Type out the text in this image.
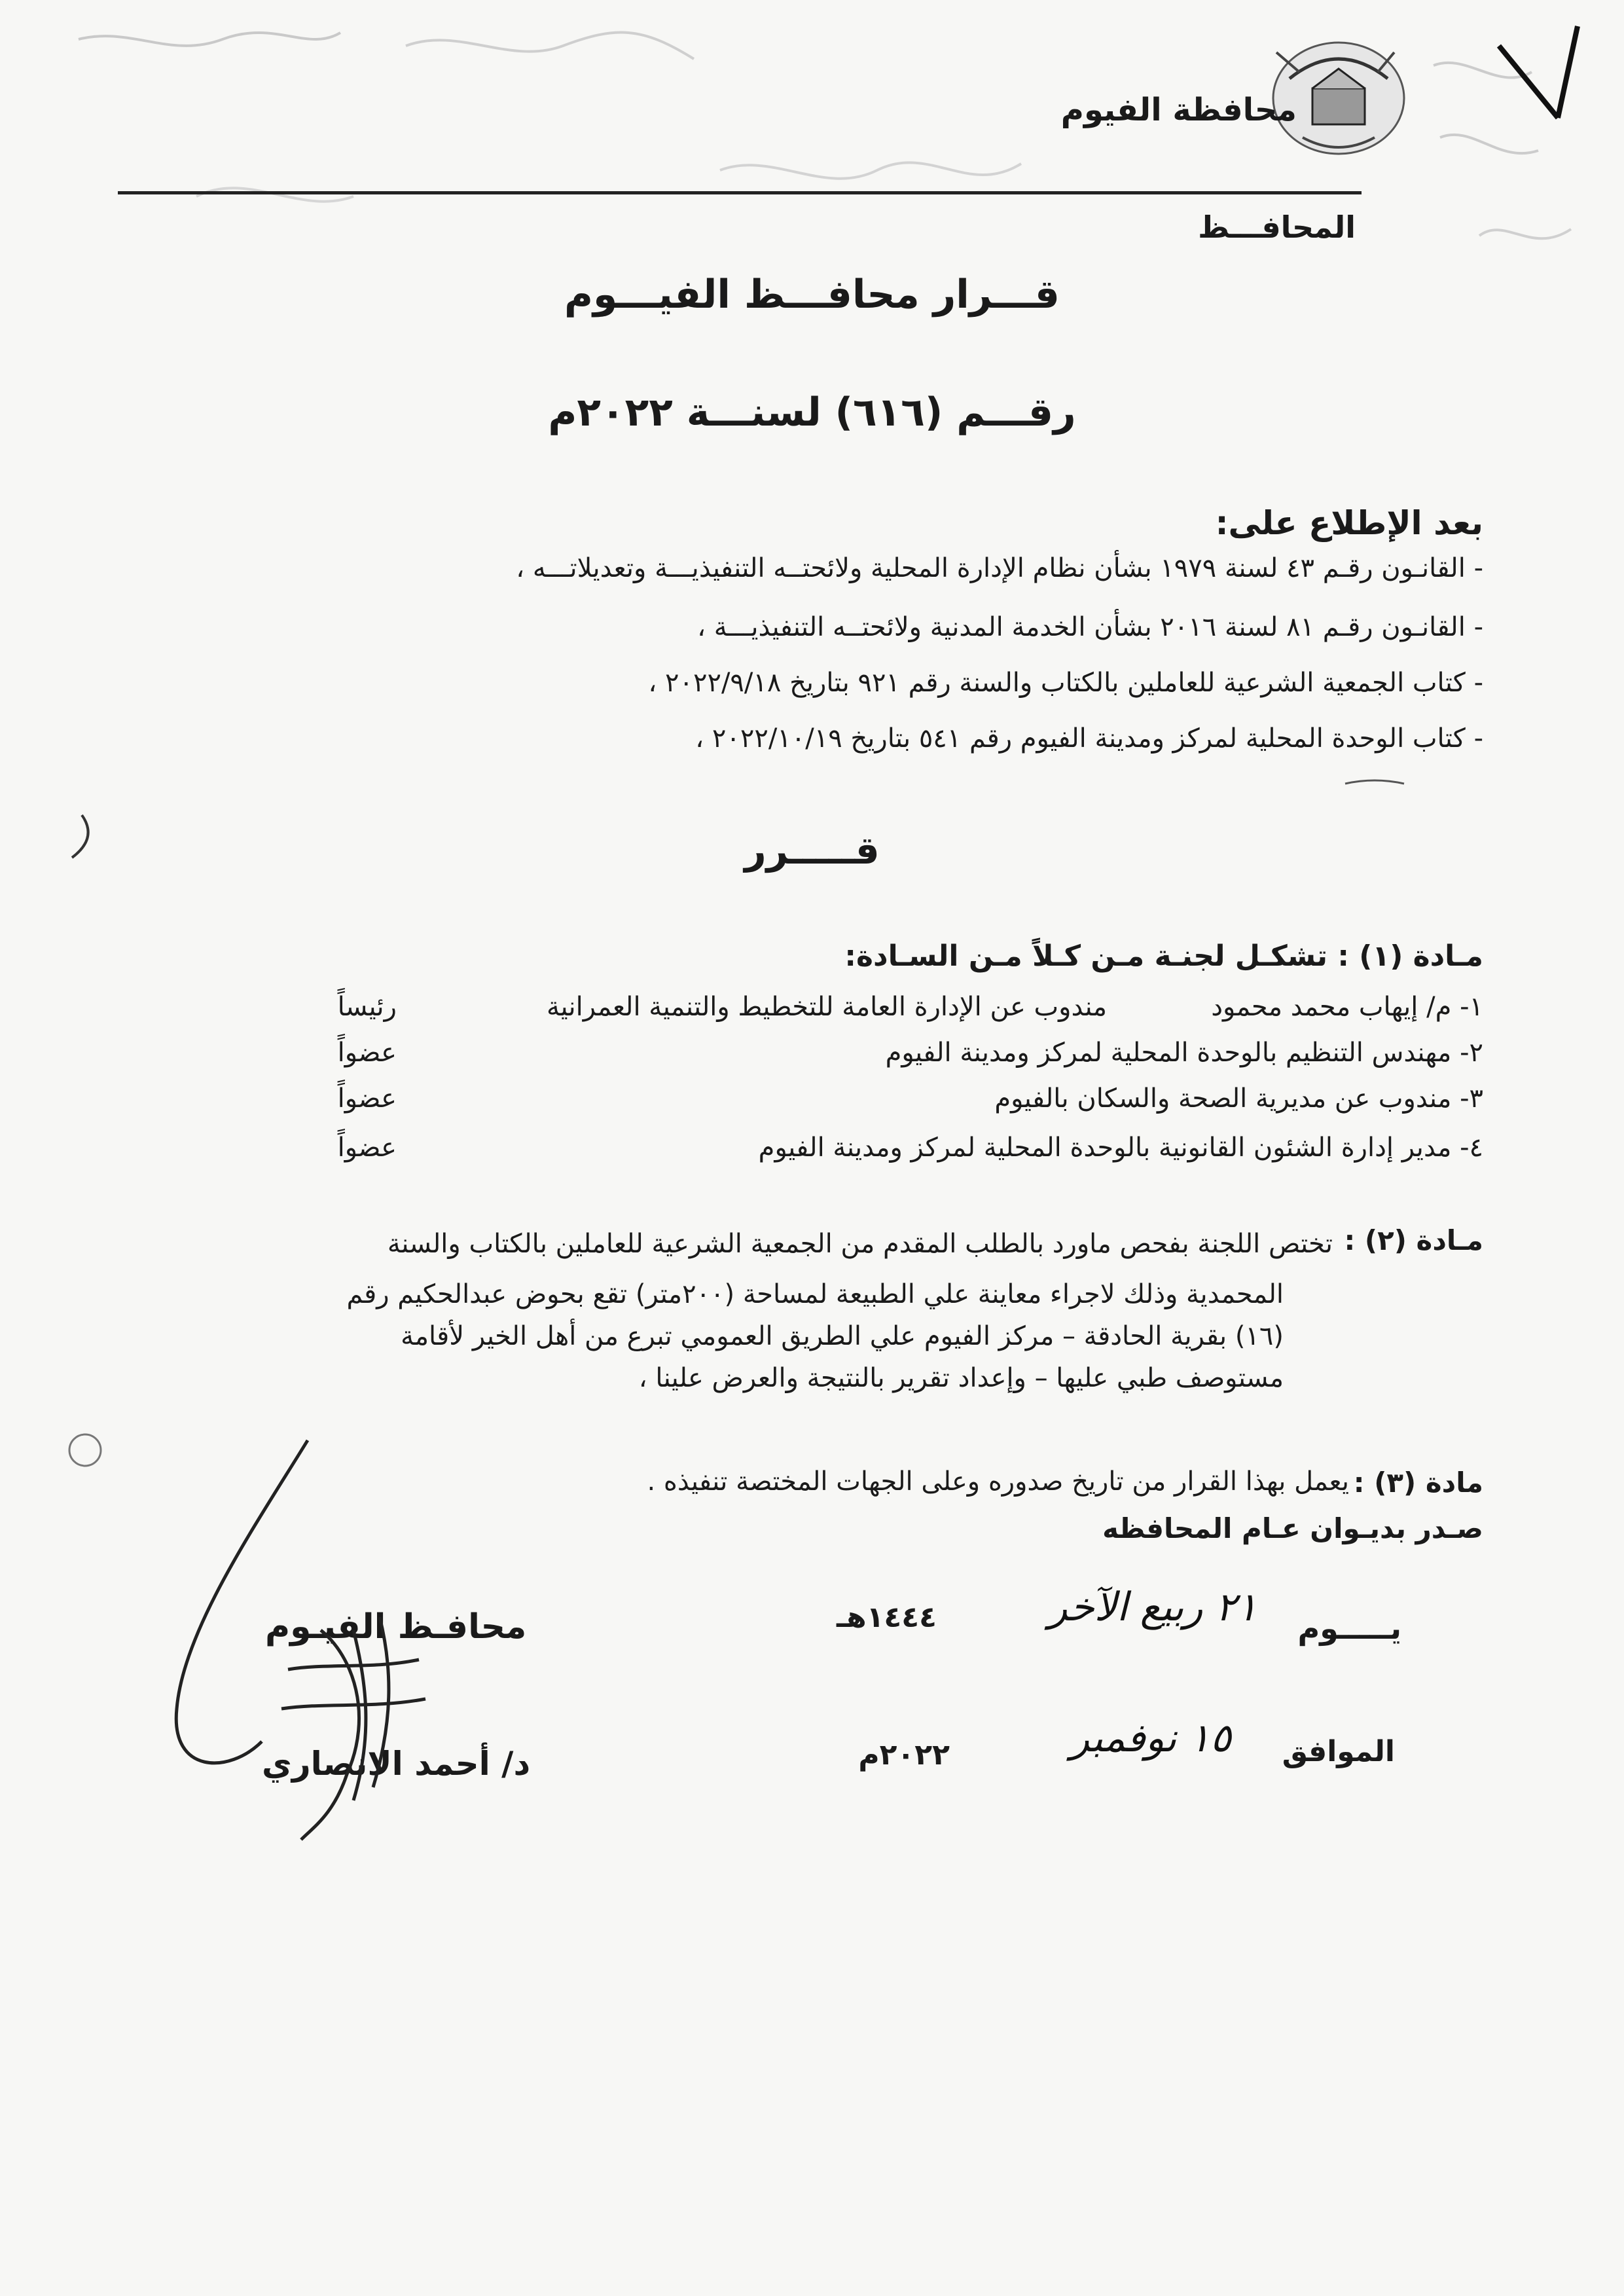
محافظة الفيوم
المحافـــظ
قـــرار محافـــظ الفيـــوم
رقـــم (٦١٦) لسنـــة ٢٠٢٢م
بعد الإطلاع على:
- القانـون رقـم ٤٣ لسنة ١٩٧٩ بشأن نظام الإدارة المحلية ولائحتــه التنفيذيـــة وتعديلاتـــه ،
- القانـون رقـم ٨١ لسنة ٢٠١٦ بشأن الخدمة المدنية ولائحتــه التنفيذيـــة ،
- كتاب الجمعية الشرعية للعاملين بالكتاب والسنة رقم ٩٢١ بتاريخ ٢٠٢٢/٩/١٨ ،
- كتاب الوحدة المحلية لمركز ومدينة الفيوم رقم ٥٤١ بتاريخ ٢٠٢٢/١٠/١٩ ،
قـــــرر
مـادة (١) : تشكـل لجنـة مـن كـلاً مـن السـادة:
١- م/ إيهاب محمد محمود
مندوب عن الإدارة العامة للتخطيط والتنمية العمرانية
رئيساً
٢- مهندس التنظيم بالوحدة المحلية لمركز ومدينة الفيوم
عضواً
٣- مندوب عن مديرية الصحة والسكان بالفيوم
عضواً
٤- مدير إدارة الشئون القانونية بالوحدة المحلية لمركز ومدينة الفيوم
عضواً
مـادة (٢) :
تختص اللجنة بفحص ماورد بالطلب المقدم من الجمعية الشرعية للعاملين بالكتاب والسنة
المحمدية وذلك لاجراء معاينة علي الطبيعة لمساحة (٢٠٠متر) تقع بحوض عبدالحكيم رقم
(١٦) بقرية الحادقة – مركز الفيوم علي الطريق العمومي تبرع من أهل الخير لأقامة
مستوصف طبي عليها – وإعداد تقرير بالنتيجة والعرض علينا ،
مادة (٣) :
يعمل بهذا القرار من تاريخ صدوره وعلى الجهات المختصة تنفيذه .
صـدر بديـوان عـام المحافظه
يـــــوم
٢١ ربيع الآخر
١٤٤٤هـ
الموافق
١٥ نوفمبر
٢٠٢٢م
محافـظ الفيـوم
د/ أحمد الانصاري
